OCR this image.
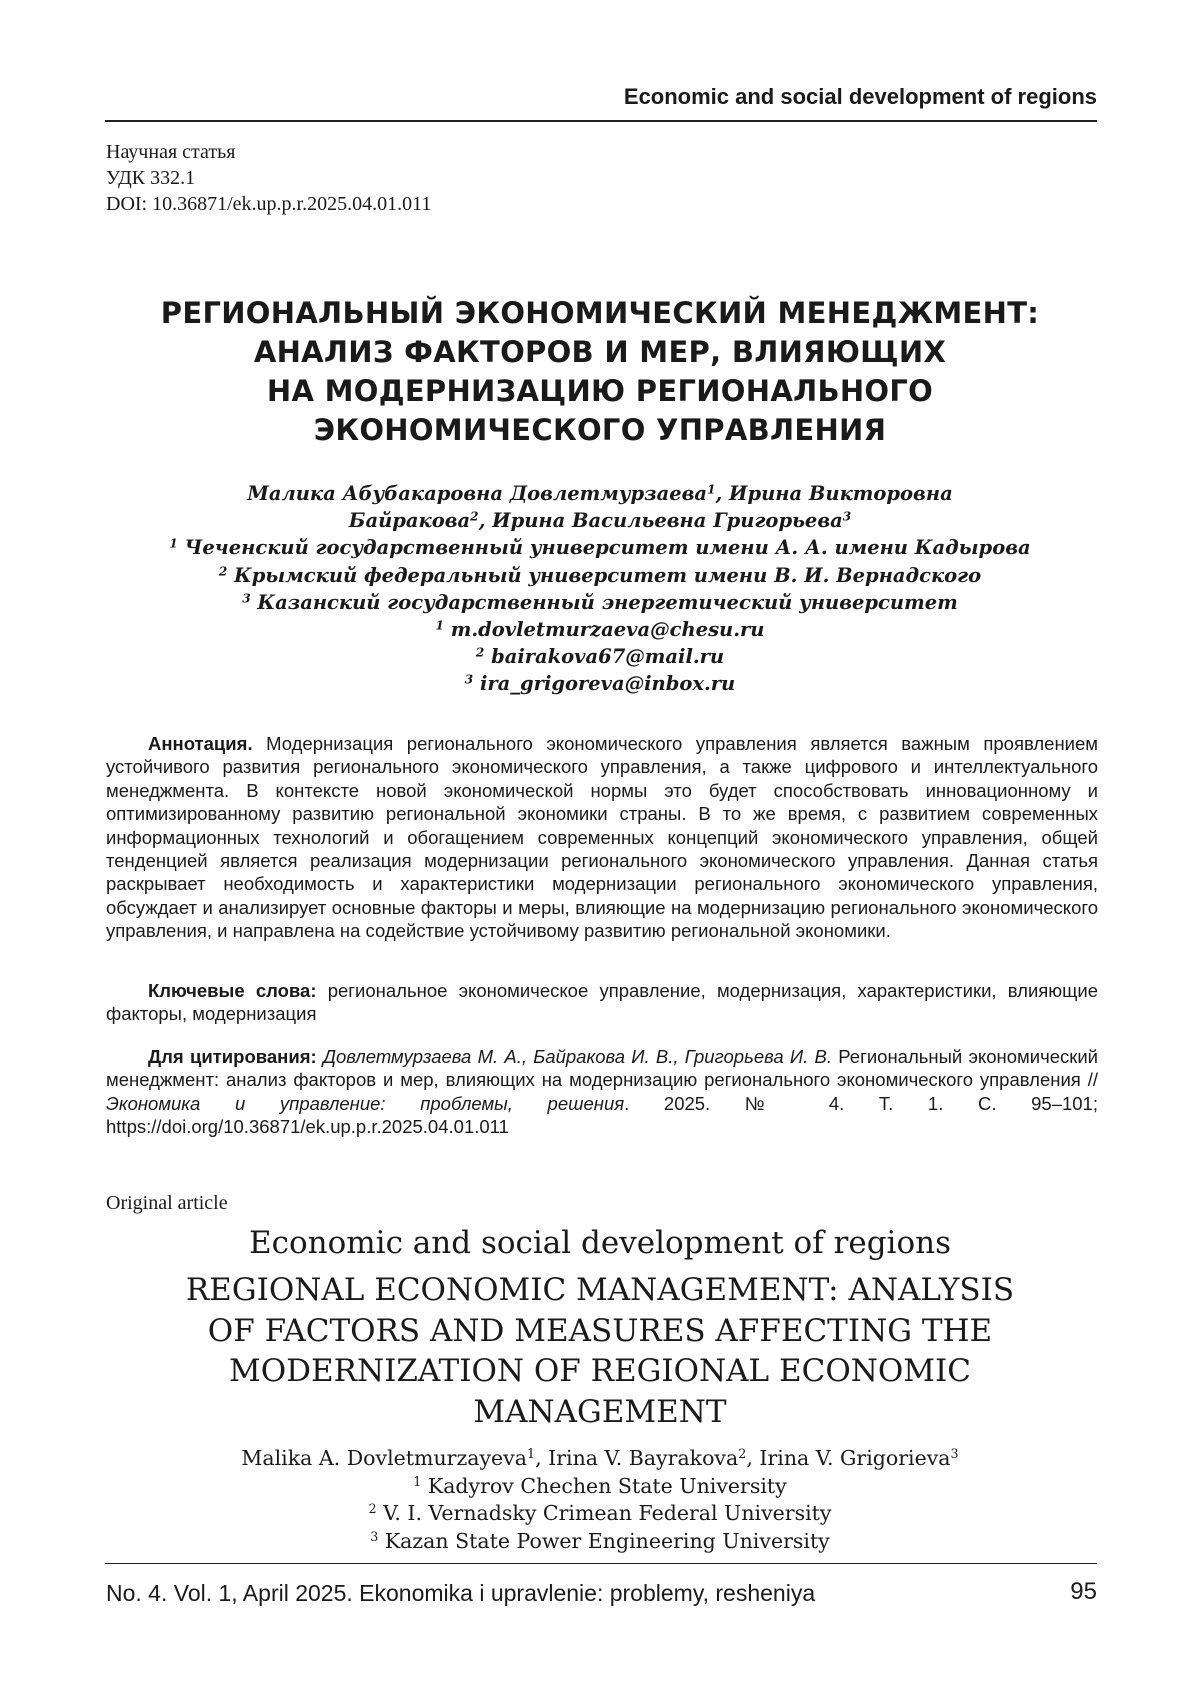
Economic and social development of regions
Научная статья
УДК 332.1
DOI: 10.36871/ek.up.p.r.2025.04.01.011
РЕГИОНАЛЬНЫЙ ЭКОНОМИЧЕСКИЙ МЕНЕДЖМЕНТ:
АНАЛИЗ ФАКТОРОВ И МЕР, ВЛИЯЮЩИХ
НА МОДЕРНИЗАЦИЮ РЕГИОНАЛЬНОГО
ЭКОНОМИЧЕСКОГО УПРАВЛЕНИЯ
Малика Абубакаровна Довлетмурзаева$^1$, Ирина Викторовна
Байракова$^2$, Ирина Васильевна Григорьева$^3$
$^1$ Чеченский государственный университет имени А. А. имени Кадырова
$^2$ Крымский федеральный университет имени В. И. Вернадского
$^3$ Казанский государственный энергетический университет
$^1$ m.dovletmurzaeva@chesu.ru
$^2$ bairakova67@mail.ru
$^3$ ira_grigoreva@inbox.ru
Аннотация. Модернизация регионального экономического управления является важным проявлением устойчивого развития регионального экономического управления, а также цифрового и интеллектуального менеджмента. В контексте новой экономической нормы это будет способствовать инновационному и оптимизированному развитию региональной экономики страны. В то же время, с развитием современных информационных технологий и обогащением современных концепций экономического управления, общей тенденцией является реализация модернизации регионального экономического управления. Данная статья раскрывает необходимость и характеристики модернизации регионального экономического управления, обсуждает и анализирует основные факторы и меры, влияющие на модернизацию регионального экономического управления, и направлена на содействие устойчивому развитию региональной экономики.
Ключевые слова: региональное экономическое управление, модернизация, характеристики, влияющие факторы, модернизация
Для цитирования: Довлетмурзаева М. А., Байракова И. В., Григорьева И. В. Региональный экономический менеджмент: анализ факторов и мер, влияющих на модернизацию регионального экономического управления // Экономика и управление: проблемы, решения. 2025. № 4. Т. 1. С. 95–101; https://doi.org/10.36871/ek.up.p.r.2025.04.01.011
Original article
Economic and social development of regions
REGIONAL ECONOMIC MANAGEMENT: ANALYSIS
OF FACTORS AND MEASURES AFFECTING THE
MODERNIZATION OF REGIONAL ECONOMIC
MANAGEMENT
Malika A. Dovletmurzayeva$^1$, Irina V. Bayrakova$^2$, Irina V. Grigorieva$^3$
$^1$ Kadyrov Chechen State University
$^2$ V. I. Vernadsky Crimean Federal University
$^3$ Kazan State Power Engineering University
No. 4. Vol. 1, April 2025. Ekonomika i upravlenie: problemy, resheniya	95
